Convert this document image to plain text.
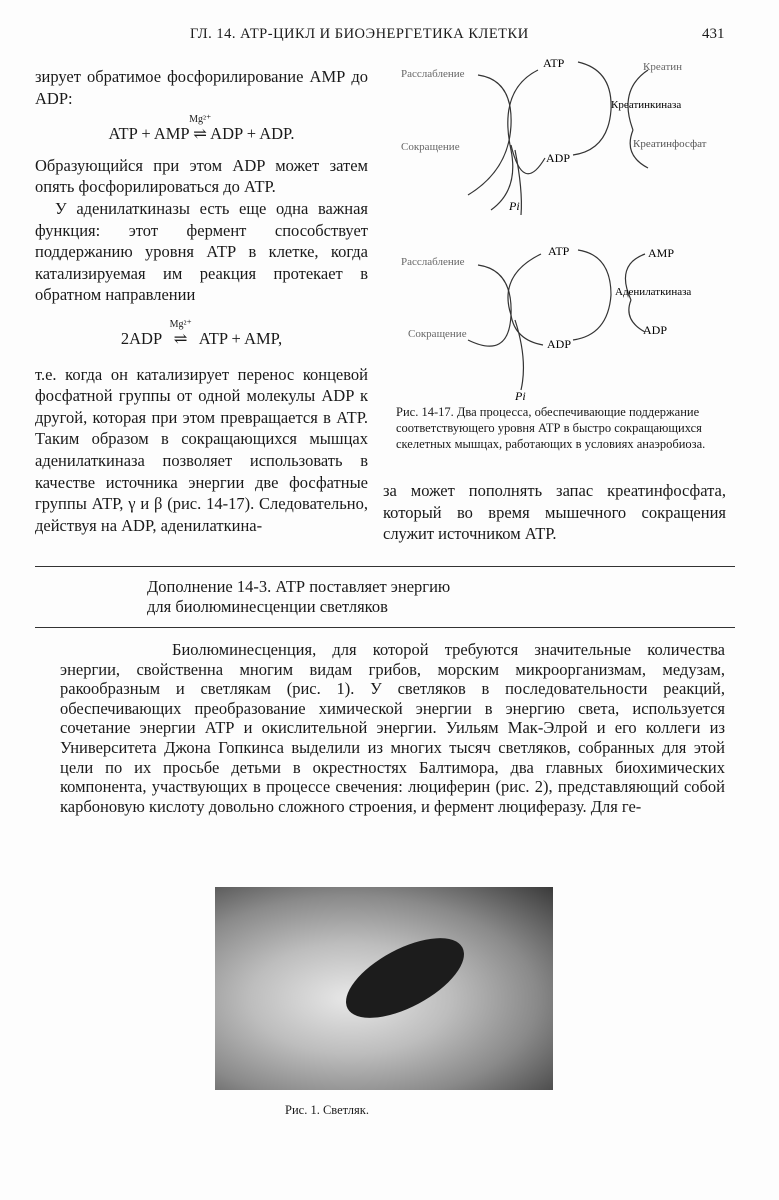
ГЛ. 14. АТР-ЦИКЛ И БИОЭНЕРГЕТИКА КЛЕТКИ	431

зирует обратимое фосфорилирование АМР до ADP:

ATP + AMP
Mg²⁺
⇌ ADP + ADP.

Образующийся при этом ADP может затем опять фосфорилироваться до АТР.

У аденилаткиназы есть еще одна важная функция: этот фермент способствует поддержанию уровня АТР в клетке, когда катализируемая им реакция протекает в обратном направлении

2ADP
Mg²⁺
⇌ ATP + AMP,

т.е. когда он катализирует перенос концевой фосфатной группы от одной молекулы ADP к другой, которая при этом превращается в АТР. Таким образом в сокращающихся мышцах аденилаткиназа позволяет использовать в качестве источника энергии две фосфатные группы АТР, γ и β (рис. 14-17). Следовательно, действуя на ADP, аденилаткина-

Расслабление
Сокращение
ATP
ADP
Pi
Креатин
Креатинкиназа
Креатинфосфат
Расслабление
Сокращение
ATP
ADP
Pi
AMP
Аденилаткиназа
ADP
Рис. 14-17. Два процесса, обеспечивающие поддержание соответствующего уровня АТР в быстро сокращающихся скелетных мышцах, работающих в условиях анаэробиоза.
за может пополнять запас креатинфосфата, который во время мышечного сокращения служит источником АТР.
Дополнение 14-3. АТР поставляет энергию
для биолюминесценции светляков
Биолюминесценция, для которой требуются значительные количества энергии, свойственна многим видам грибов, морским микроорганизмам, медузам, ракообразным и светлякам (рис. 1). У светляков в последовательности реакций, обеспечивающих преобразование химической энергии в энергию света, используется сочетание энергии АТР и окислительной энергии. Уильям Мак-Элрой и его коллеги из Университета Джона Гопкинса выделили из многих тысяч светляков, собранных для этой цели по их просьбе детьми в окрестностях Балтимора, два главных биохимических компонента, участвующих в процессе свечения: люциферин (рис. 2), представляющий собой карбоновую кислоту довольно сложного строения, и фермент люциферазу. Для ге-
Рис. 1. Светляк.
